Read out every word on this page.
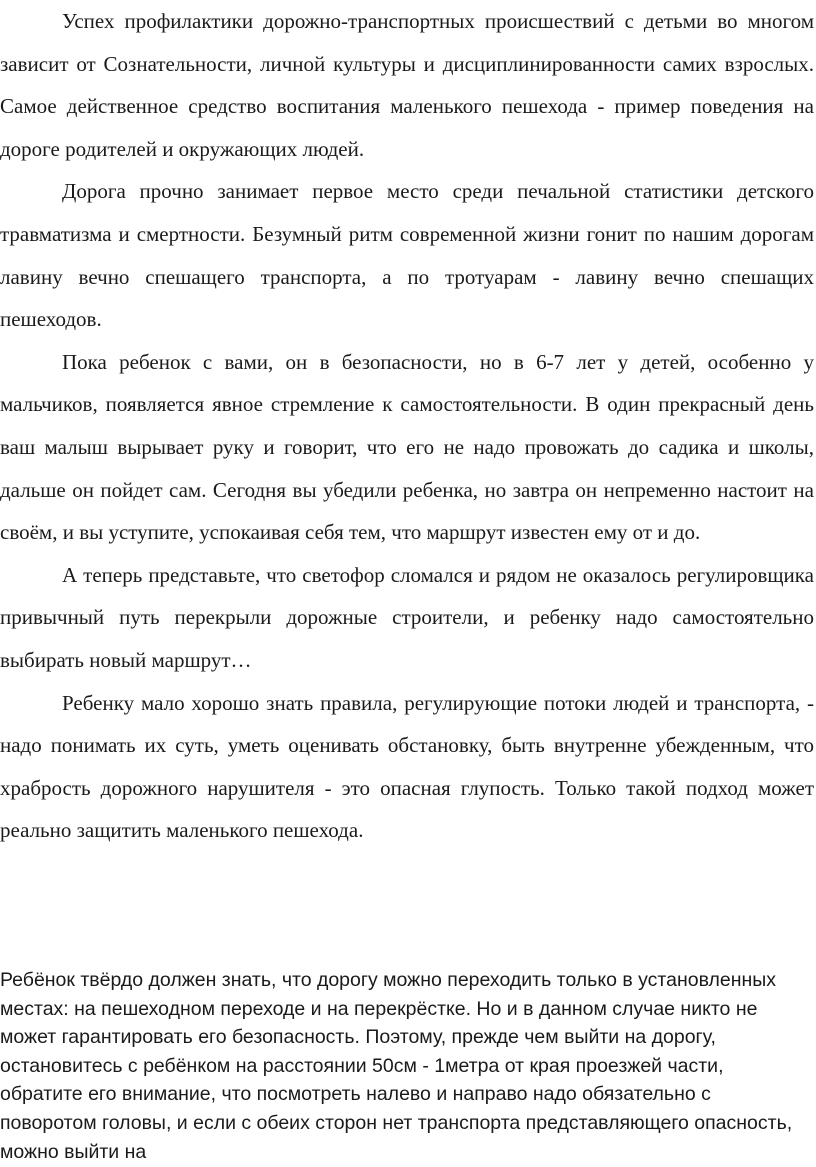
Успех профилактики дорожно-транспортных происшествий с детьми во многом зависит от Сознательности, личной культуры и дисциплинированности самих взрослых. Самое действенное средство воспитания маленького пешехода - пример поведения на дороге родителей и окружающих людей.

Дорога прочно занимает первое место среди печальной статистики детского травматизма и смертности. Безумный ритм современной жизни гонит по нашим дорогам лавину вечно спешащего транспорта, а по тротуарам - лавину вечно спешащих пешеходов.

Пока ребенок с вами, он в безопасности, но в 6-7 лет у детей, особенно у мальчиков, появляется явное стремление к самостоятельности. В один прекрасный день ваш малыш вырывает руку и говорит, что его не надо провожать до садика и школы, дальше он пойдет сам. Сегодня вы убедили ребенка, но завтра он непременно настоит на своём, и вы уступите, успокаивая себя тем, что маршрут известен ему от и до.

А теперь представьте, что светофор сломался и рядом не оказалось регулировщика привычный путь перекрыли дорожные строители, и ребенку надо самостоятельно выбирать новый маршрут…

Ребенку мало хорошо знать правила, регулирующие потоки людей и транспорта, - надо понимать их суть, уметь оценивать обстановку, быть внутренне убежденным, что храбрость дорожного нарушителя - это опасная глупость. Только такой подход может реально защитить маленького пешехода.

Ребёнок твёрдо должен знать, что дорогу можно переходить только в установленных местах: на пешеходном переходе и на перекрёстке. Но и в данном случае никто не может гарантировать его безопасность. Поэтому, прежде чем выйти на дорогу, остановитесь с ребёнком на расстоянии 50см - 1метра от края проезжей части, обратите его внимание, что посмотреть налево и направо надо обязательно с поворотом головы, и если с обеих сторон нет транспорта представляющего опасность, можно выйти на
